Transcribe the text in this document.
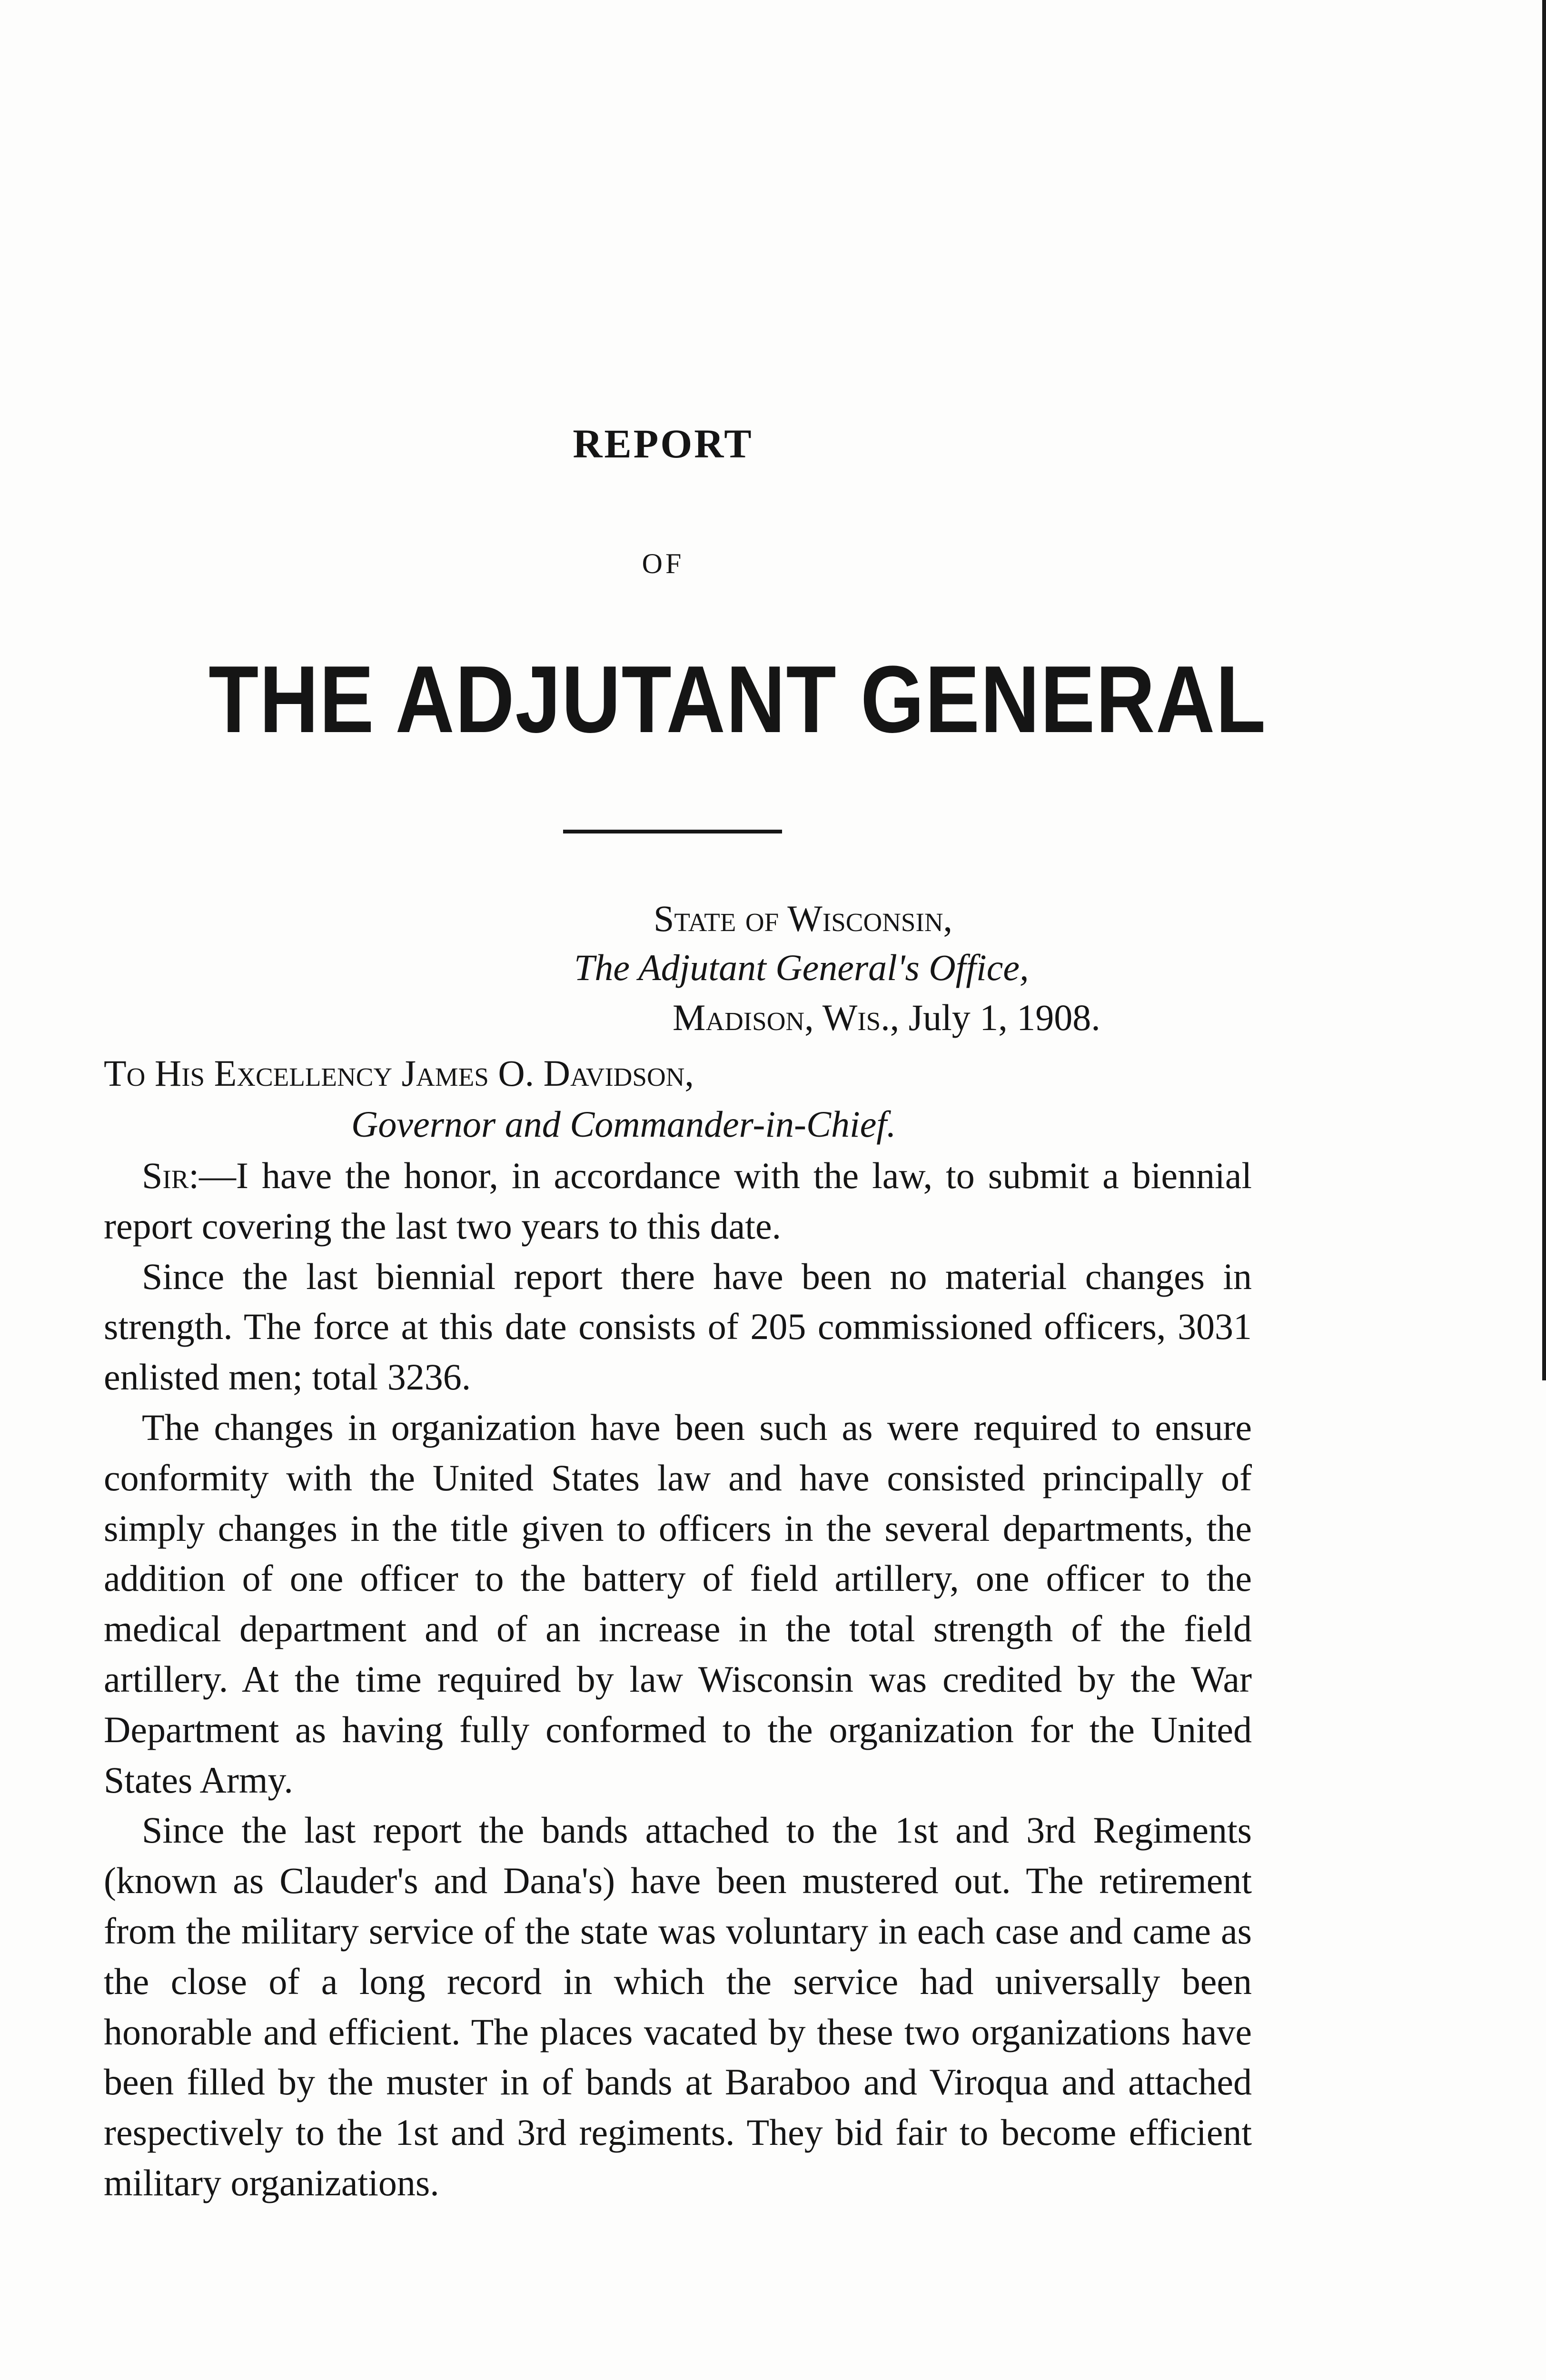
REPORT
OF
THE ADJUTANT GENERAL
State of Wisconsin,
The Adjutant General's Office,
Madison, Wis., July 1, 1908.
To His Excellency James O. Davidson,
Governor and Commander-in-Chief.

Sir:—I have the honor, in accordance with the law, to submit a biennial report covering the last two years to this date.

Since the last biennial report there have been no material changes in strength. The force at this date consists of 205 commissioned officers, 3031 enlisted men; total 3236.

The changes in organization have been such as were required to ensure conformity with the United States law and have consisted principally of simply changes in the title given to officers in the several departments, the addition of one officer to the battery of field artillery, one officer to the medical department and of an increase in the total strength of the field artillery. At the time required by law Wisconsin was credited by the War Department as having fully conformed to the organization for the United States Army.

Since the last report the bands attached to the 1st and 3rd Regiments (known as Clauder's and Dana's) have been mustered out. The retirement from the military service of the state was voluntary in each case and came as the close of a long record in which the service had universally been honorable and efficient. The places vacated by these two organizations have been filled by the muster in of bands at Baraboo and Viroqua and attached respectively to the 1st and 3rd regiments. They bid fair to become efficient military organizations.
